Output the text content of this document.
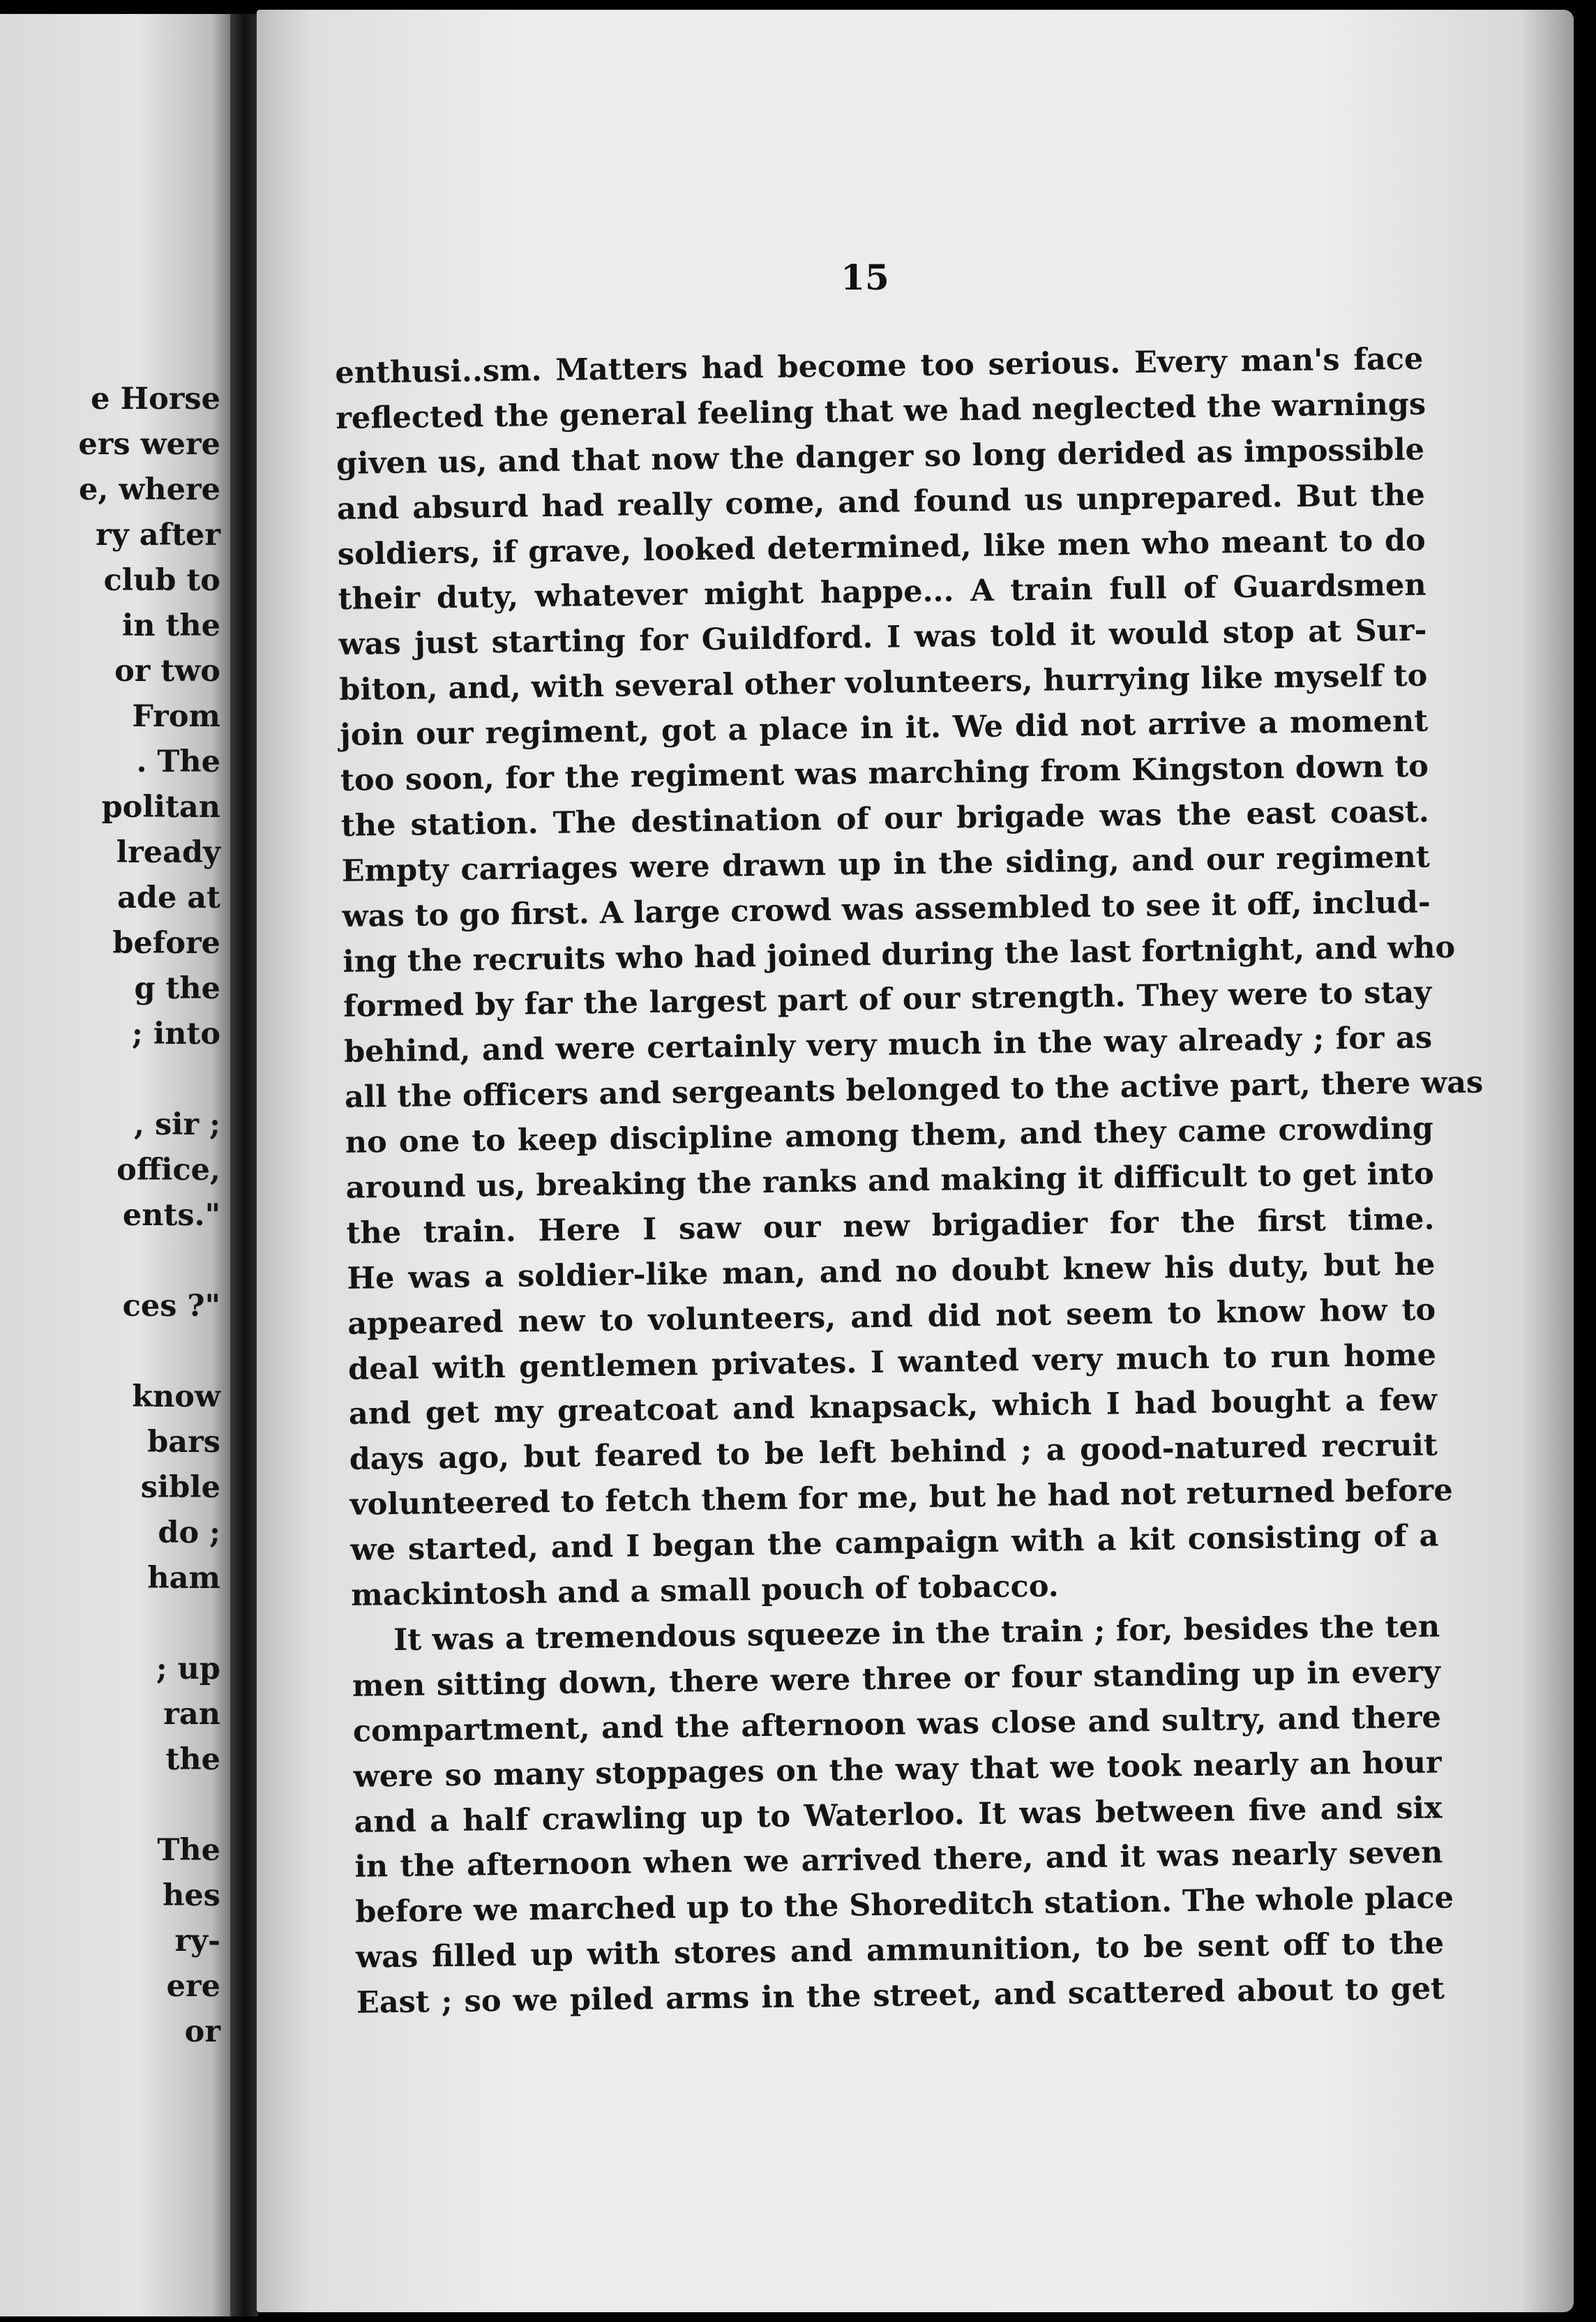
e Horse
ers were
e, where
ry after
club to
in the
or two
From
. The
politan
lready
ade at
before
g the
; into
, sir ;
office,
ents."
ces ?"
know
bars
sible
do ;
ham
; up
ran
the
The
hes
ry-
ere
or
15
enthusi..sm. Matters had become too serious. Every man's face
reflected the general feeling that we had neglected the warnings
given us, and that now the danger so long derided as impossible
and absurd had really come, and found us unprepared. But the
soldiers, if grave, looked determined, like men who meant to do
their duty, whatever might happe... A train full of Guardsmen
was just starting for Guildford. I was told it would stop at Sur-
biton, and, with several other volunteers, hurrying like myself to
join our regiment, got a place in it. We did not arrive a moment
too soon, for the regiment was marching from Kingston down to
the station. The destination of our brigade was the east coast.
Empty carriages were drawn up in the siding, and our regiment
was to go first. A large crowd was assembled to see it off, includ-
ing the recruits who had joined during the last fortnight, and who
formed by far the largest part of our strength. They were to stay
behind, and were certainly very much in the way already ; for as
all the officers and sergeants belonged to the active part, there was
no one to keep discipline among them, and they came crowding
around us, breaking the ranks and making it difficult to get into
the train. Here I saw our new brigadier for the first time.
He was a soldier-like man, and no doubt knew his duty, but he
appeared new to volunteers, and did not seem to know how to
deal with gentlemen privates. I wanted very much to run home
and get my greatcoat and knapsack, which I had bought a few
days ago, but feared to be left behind ; a good-natured recruit
volunteered to fetch them for me, but he had not returned before
we started, and I began the campaign with a kit consisting of a
mackintosh and a small pouch of tobacco.
It was a tremendous squeeze in the train ; for, besides the ten
men sitting down, there were three or four standing up in every
compartment, and the afternoon was close and sultry, and there
were so many stoppages on the way that we took nearly an hour
and a half crawling up to Waterloo. It was between five and six
in the afternoon when we arrived there, and it was nearly seven
before we marched up to the Shoreditch station. The whole place
was filled up with stores and ammunition, to be sent off to the
East ; so we piled arms in the street, and scattered about to get
